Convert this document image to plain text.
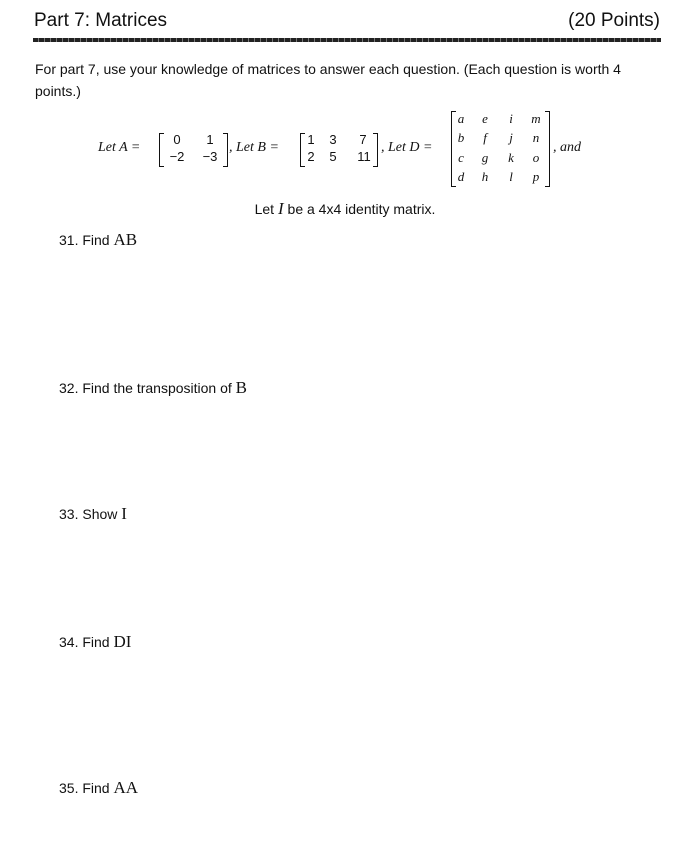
Part 7: Matrices	(20 Points)
For part 7, use your knowledge of matrices to answer each question. (Each question is worth 4 points.)
Let A =
0	1
−2	−3
, Let B =
1 3	7
2 5	11
, Let D =
a	e	i	m
b	f	j	n
c	g	k	o
d h	l	p
, and
Let I be a 4x4 identity matrix.
31. Find AB
32. Find the transposition of B
33. Show I
34. Find DI
35. Find AA
